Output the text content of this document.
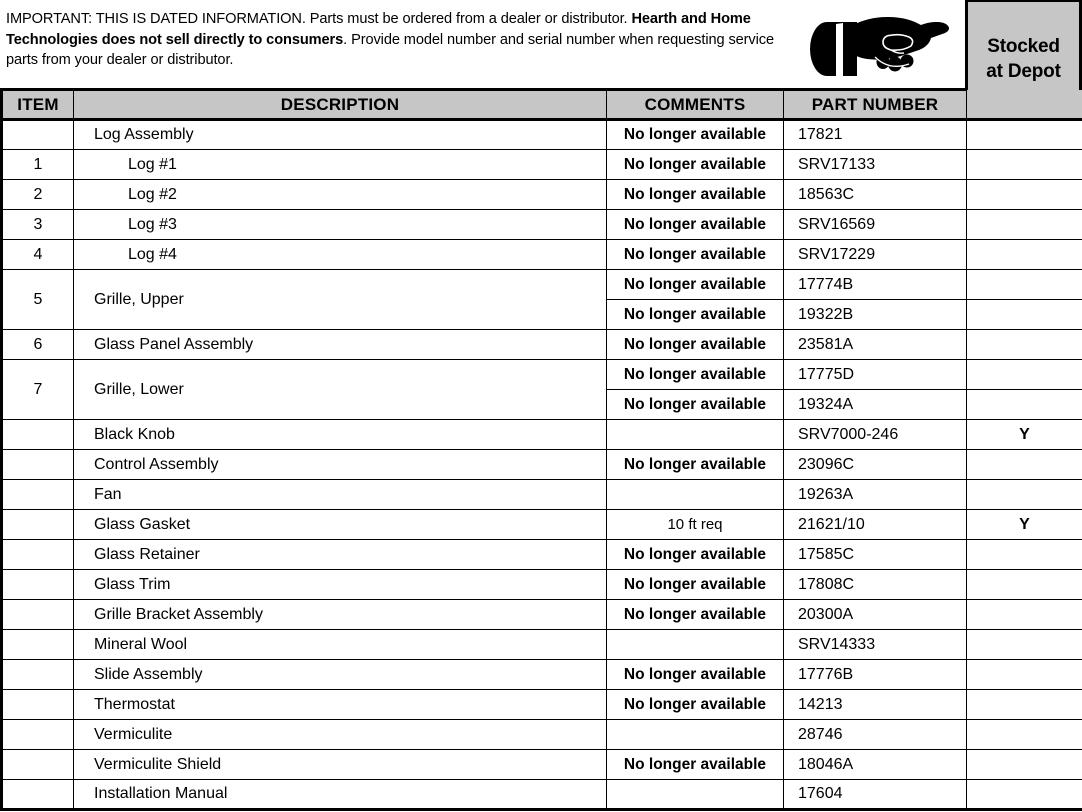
IMPORTANT: THIS IS DATED INFORMATION. Parts must be ordered from a dealer or distributor. Hearth and Home Technologies does not sell directly to consumers. Provide model number and serial number when requesting service parts from your dealer or distributor.
Stocked
at Depot
ITEM	DESCRIPTION	COMMENTS	PART NUMBER	
	Log Assembly	No longer available	17821	
1	Log #1	No longer available	SRV17133	
2	Log #2	No longer available	18563C	
3	Log #3	No longer available	SRV16569	
4	Log #4	No longer available	SRV17229	
5	Grille, Upper	No longer available	17774B	
		No longer available	19322B	
6	Glass Panel Assembly	No longer available	23581A	
7	Grille, Lower	No longer available	17775D	
		No longer available	19324A	
	Black Knob		SRV7000-246	Y
	Control Assembly	No longer available	23096C	
	Fan		19263A	
	Glass Gasket	10 ft req	21621/10	Y
	Glass Retainer	No longer available	17585C	
	Glass Trim	No longer available	17808C	
	Grille Bracket Assembly	No longer available	20300A	
	Mineral Wool		SRV14333	
	Slide Assembly	No longer available	17776B	
	Thermostat	No longer available	14213	
	Vermiculite		28746	
	Vermiculite Shield	No longer available	18046A	
	Installation Manual		17604	
